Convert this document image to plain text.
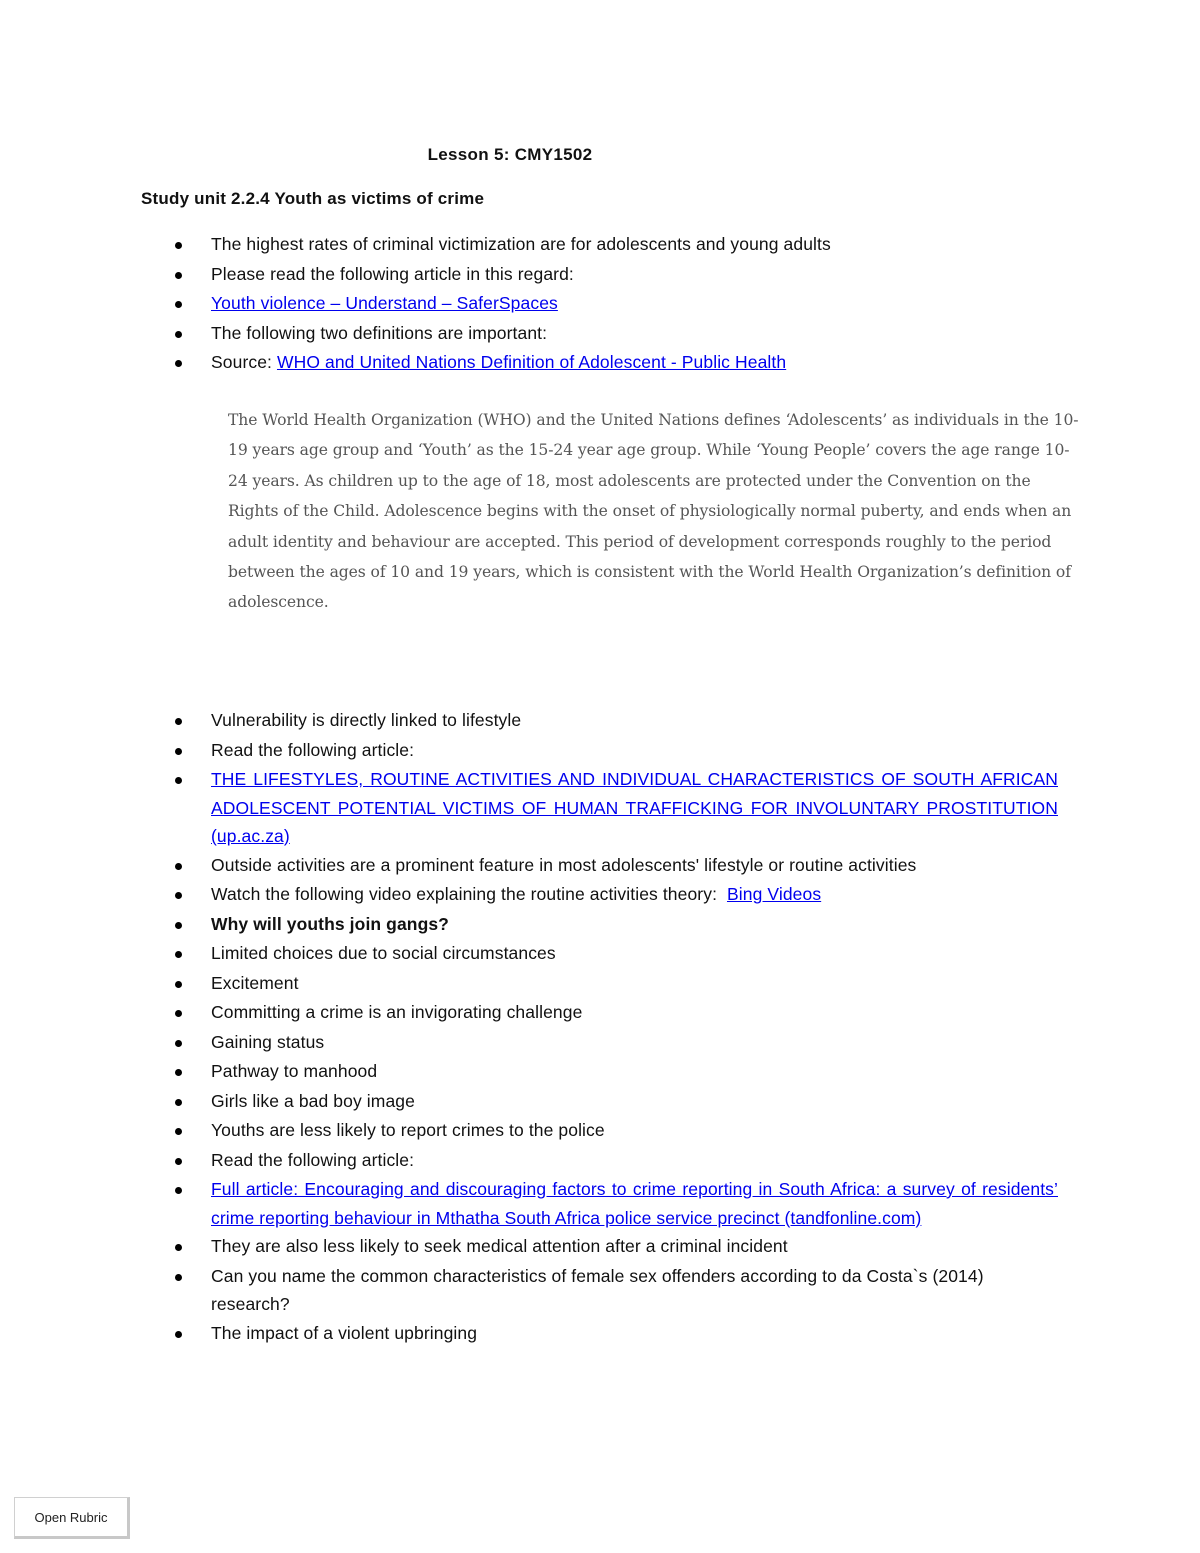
Lesson 5: CMY1502
Study unit 2.2.4 Youth as victims of crime
The highest rates of criminal victimization are for adolescents and young adults
Please read the following article in this regard:
Youth violence – Understand – SaferSpaces
The following two definitions are important:
Source: WHO and United Nations Definition of Adolescent - Public Health
The World Health Organization (WHO) and the United Nations defines ‘Adolescents’ as individuals in the 10-19 years age group and ‘Youth’ as the 15-24 year age group. While ‘Young People’ covers the age range 10-24 years. As children up to the age of 18, most adolescents are protected under the Convention on the Rights of the Child. Adolescence begins with the onset of physiologically normal puberty, and ends when an adult identity and behaviour are accepted. This period of development corresponds roughly to the period between the ages of 10 and 19 years, which is consistent with the World Health Organization’s definition of adolescence.
Vulnerability is directly linked to lifestyle
Read the following article:
THE LIFESTYLES, ROUTINE ACTIVITIES AND INDIVIDUAL CHARACTERISTICS OF SOUTH AFRICAN ADOLESCENT POTENTIAL VICTIMS OF HUMAN TRAFFICKING FOR INVOLUNTARY PROSTITUTION (up.ac.za)
Outside activities are a prominent feature in most adolescents' lifestyle or routine activities
Watch the following video explaining the routine activities theory:  Bing Videos
Why will youths join gangs?
Limited choices due to social circumstances
Excitement
Committing a crime is an invigorating challenge
Gaining status
Pathway to manhood
Girls like a bad boy image
Youths are less likely to report crimes to the police
Read the following article:
Full article: Encouraging and discouraging factors to crime reporting in South Africa: a survey of residents’ crime reporting behaviour in Mthatha South Africa police service precinct (tandfonline.com)
They are also less likely to seek medical attention after a criminal incident
Can you name the common characteristics of female sex offenders according to da Costa`s (2014) research?
The impact of a violent upbringing
Open Rubric
